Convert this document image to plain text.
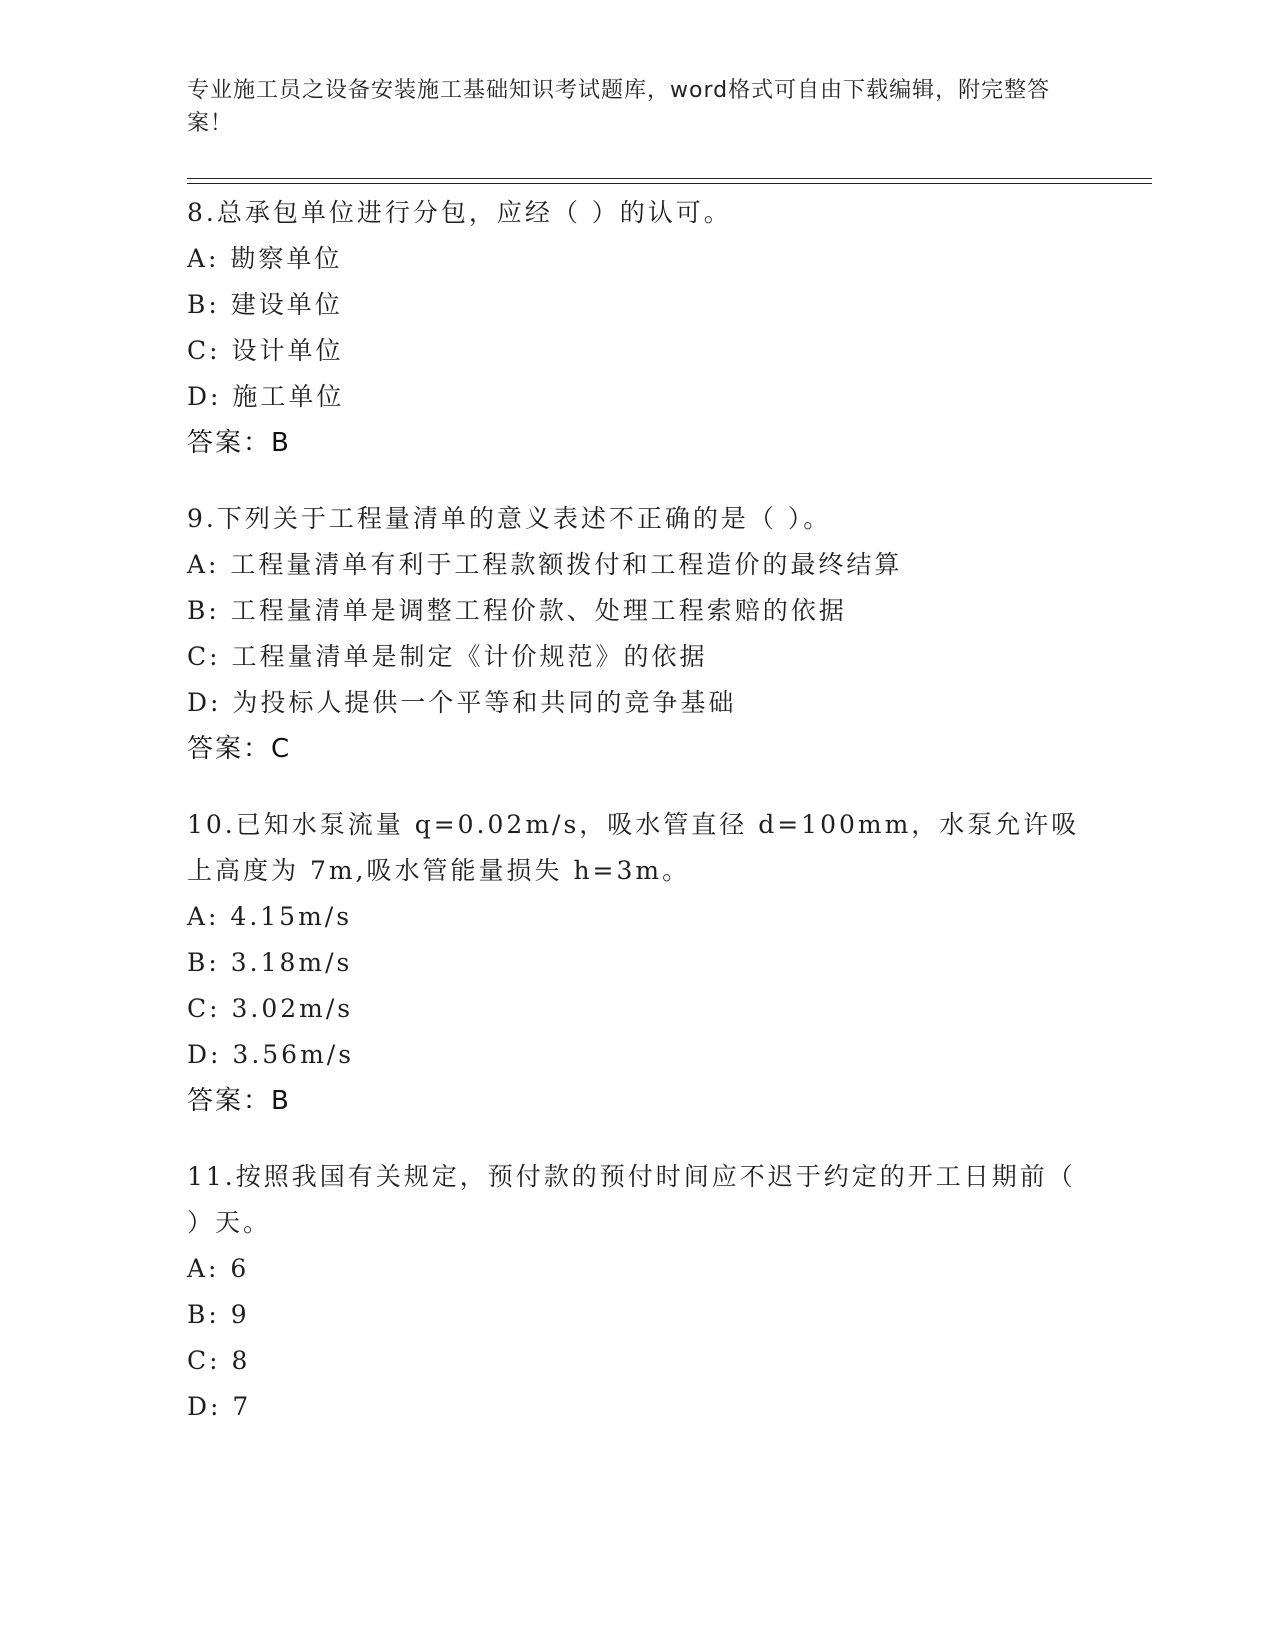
专业施工员之设备安装施工基础知识考试题库，word格式可自由下载编辑，附完整答案！
8.总承包单位进行分包，应经（ ）的认可。
A: 勘察单位
B: 建设单位
C: 设计单位
D: 施工单位
答案：B
9.下列关于工程量清单的意义表述不正确的是（ ）。
A: 工程量清单有利于工程款额拨付和工程造价的最终结算
B: 工程量清单是调整工程价款、处理工程索赔的依据
C: 工程量清单是制定《计价规范》的依据
D: 为投标人提供一个平等和共同的竞争基础
答案：C
10.已知水泵流量 q=0.02m/s，吸水管直径 d=100mm，水泵允许吸上高度为 7m,吸水管能量损失 h=3m。
A: 4.15m/s
B: 3.18m/s
C: 3.02m/s
D: 3.56m/s
答案：B
11.按照我国有关规定，预付款的预付时间应不迟于约定的开工日期前（ ）天。
A: 6
B: 9
C: 8
D: 7
